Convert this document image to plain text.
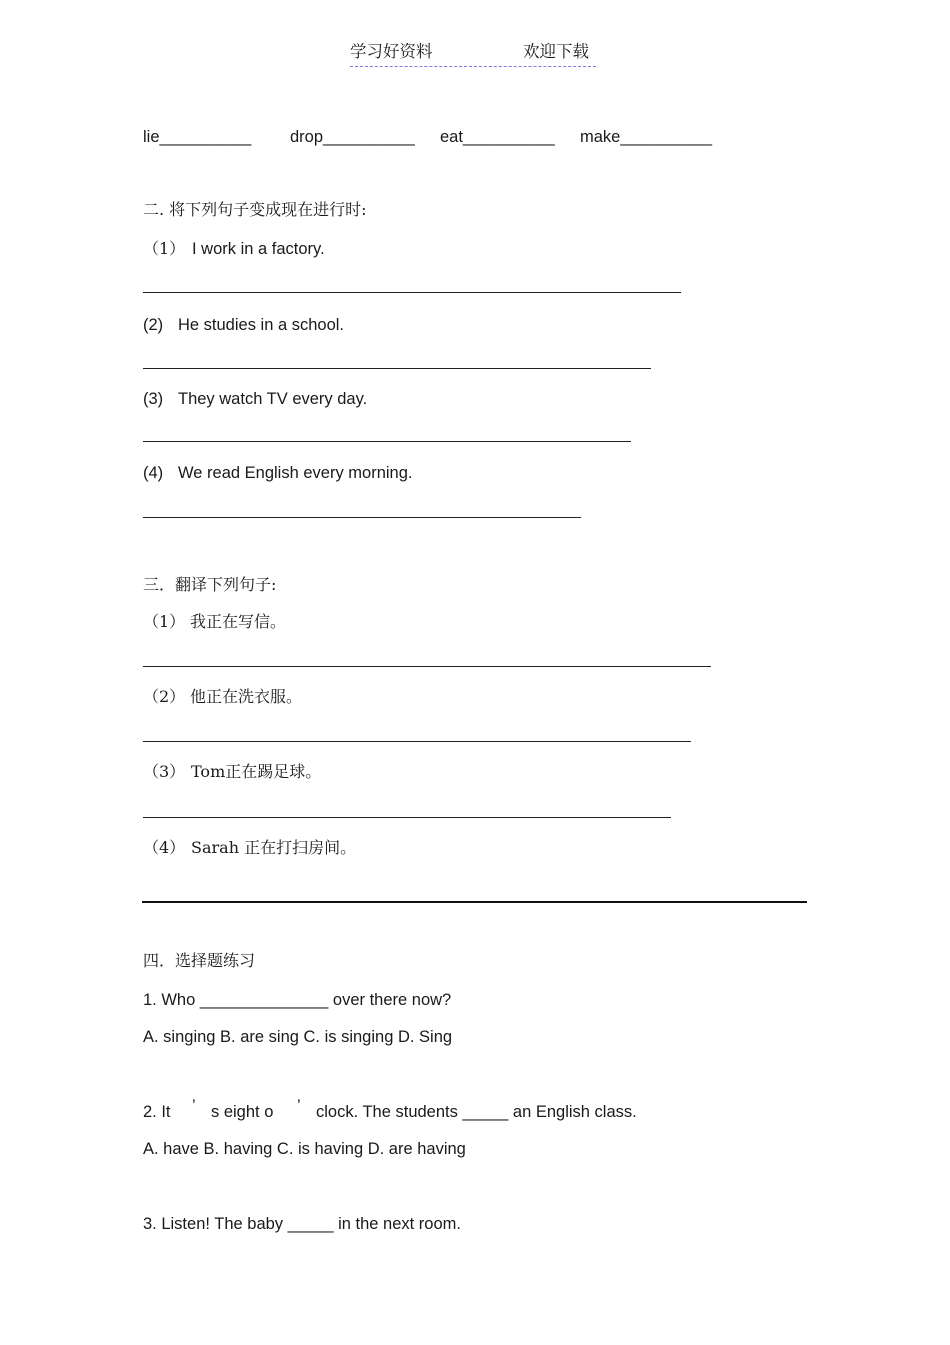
学习好资料	欢迎下载
lie__________ drop__________ eat__________ make__________
二. 将下列句子变成现在进行时:
（1） I work in a factory.
(2) He studies in a school.
(3) They watch TV every day.
(4) We read English every morning.
三．翻译下列句子:
（1） 我正在写信。
（2） 他正在洗衣服。
（3） Tom正在踢足球。
（4） Sarah 正在打扫房间。
四．选择题练习
1. Who ______________ over there now?
A. singing B. are sing C. is singing D. Sing
2. It ’ s eight o ’ clock. The students _____ an English class.
A. have B. having C. is having D. are having
3. Listen! The baby _____ in the next room.
